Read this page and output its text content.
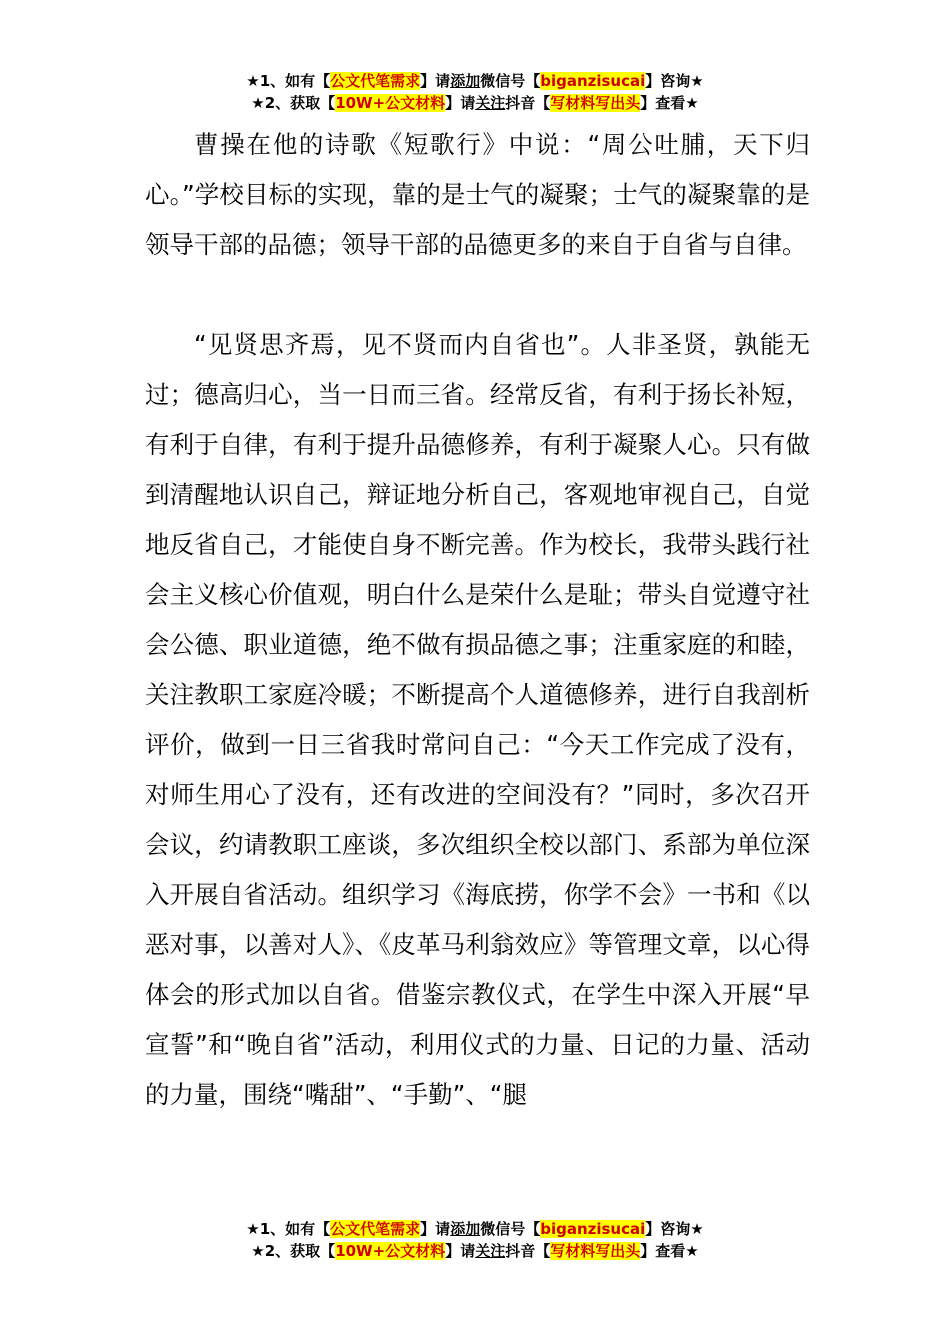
★1、如有【公文代笔需求】请添加微信号【biganzisucai】咨询★
★2、获取【10W+公文材料】请关注抖音【写材料写出头】查看★

曹操在他的诗歌《短歌行》中说：“周公吐脯，天下归心。”学校目标的实现，靠的是士气的凝聚；士气的凝聚靠的是领导干部的品德；领导干部的品德更多的来自于自省与自律。

“见贤思齐焉，见不贤而内自省也”。人非圣贤，孰能无过；德高归心，当一日而三省。经常反省，有利于扬长补短，有利于自律，有利于提升品德修养，有利于凝聚人心。只有做到清醒地认识自己，辩证地分析自己，客观地审视自己，自觉地反省自己，才能使自身不断完善。作为校长，我带头践行社会主义核心价值观，明白什么是荣什么是耻；带头自觉遵守社会公德、职业道德，绝不做有损品德之事；注重家庭的和睦，关注教职工家庭冷暖；不断提高个人道德修养，进行自我剖析评价，做到一日三省我时常问自己：“今天工作完成了没有，对师生用心了没有，还有改进的空间没有？”同时，多次召开会议，约请教职工座谈，多次组织全校以部门、系部为单位深入开展自省活动。组织学习《海底捞，你学不会》一书和《以恶对事，以善对人》、《皮革马利翁效应》等管理文章，以心得体会的形式加以自省。借鉴宗教仪式，在学生中深入开展“早宣誓”和“晚自省”活动，利用仪式的力量、日记的力量、活动的力量，围绕“嘴甜”、“手勤”、“腿

★1、如有【公文代笔需求】请添加微信号【biganzisucai】咨询★
★2、获取【10W+公文材料】请关注抖音【写材料写出头】查看★
